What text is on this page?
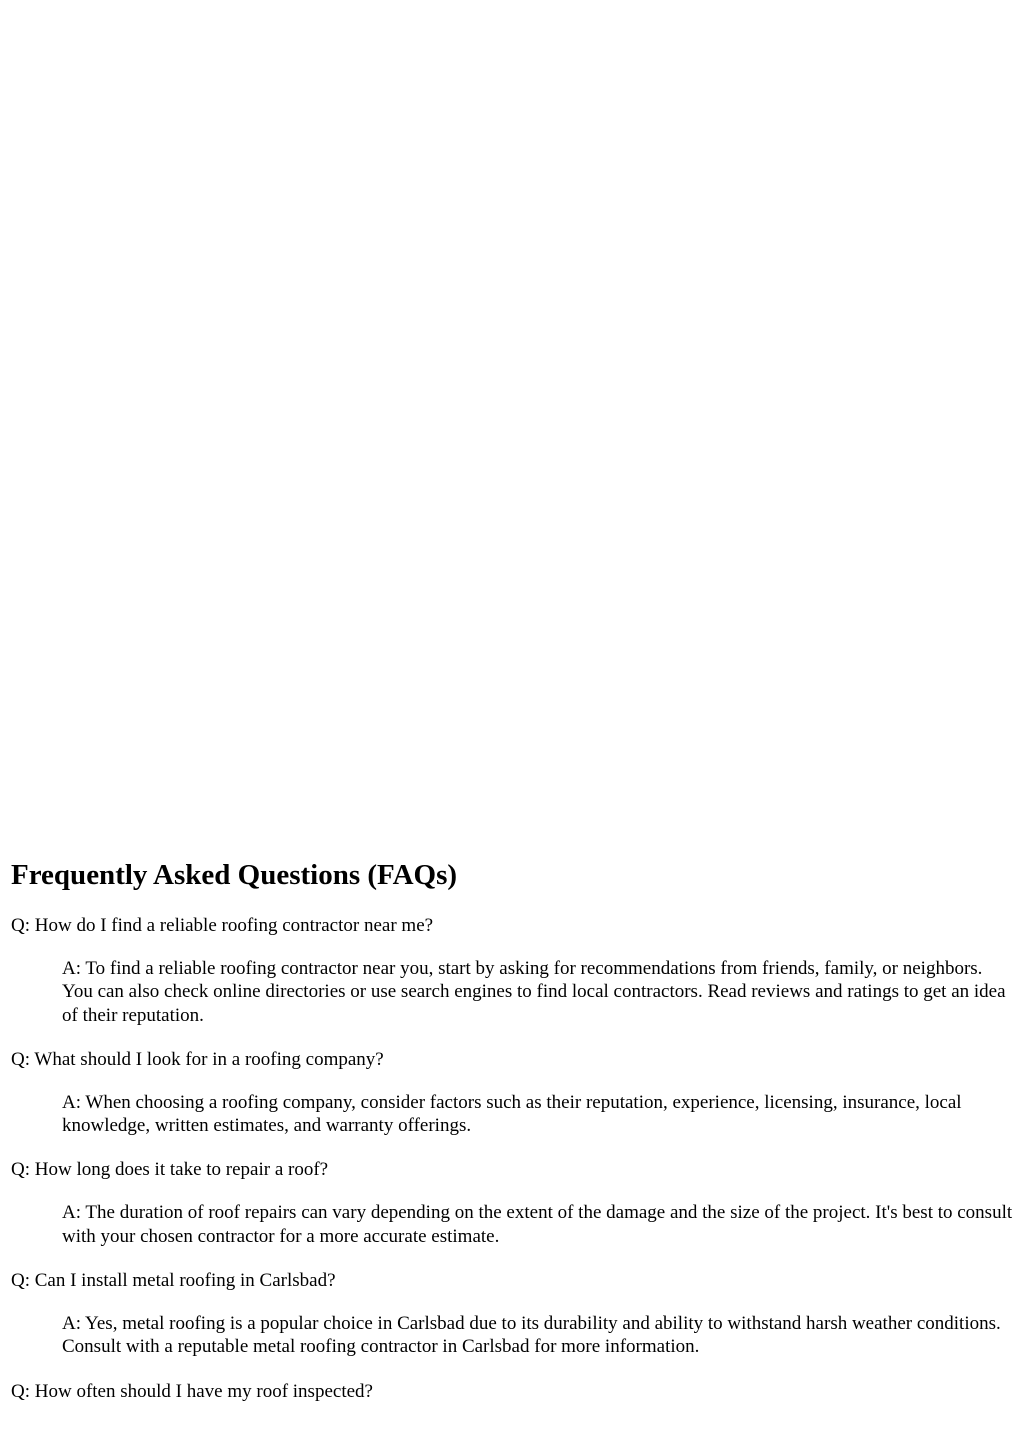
Frequently Asked Questions (FAQs)

Q: How do I find a reliable roofing contractor near me?

A: To find a reliable roofing contractor near you, start by asking for recommendations from friends, family, or neighbors. You can also check online directories or use search engines to find local contractors. Read reviews and ratings to get an idea of their reputation.

Q: What should I look for in a roofing company?

A: When choosing a roofing company, consider factors such as their reputation, experience, licensing, insurance, local knowledge, written estimates, and warranty offerings.

Q: How long does it take to repair a roof?

A: The duration of roof repairs can vary depending on the extent of the damage and the size of the project. It's best to consult with your chosen contractor for a more accurate estimate.

Q: Can I install metal roofing in Carlsbad?

A: Yes, metal roofing is a popular choice in Carlsbad due to its durability and ability to withstand harsh weather conditions. Consult with a reputable metal roofing contractor in Carlsbad for more information.

Q: How often should I have my roof inspected?
